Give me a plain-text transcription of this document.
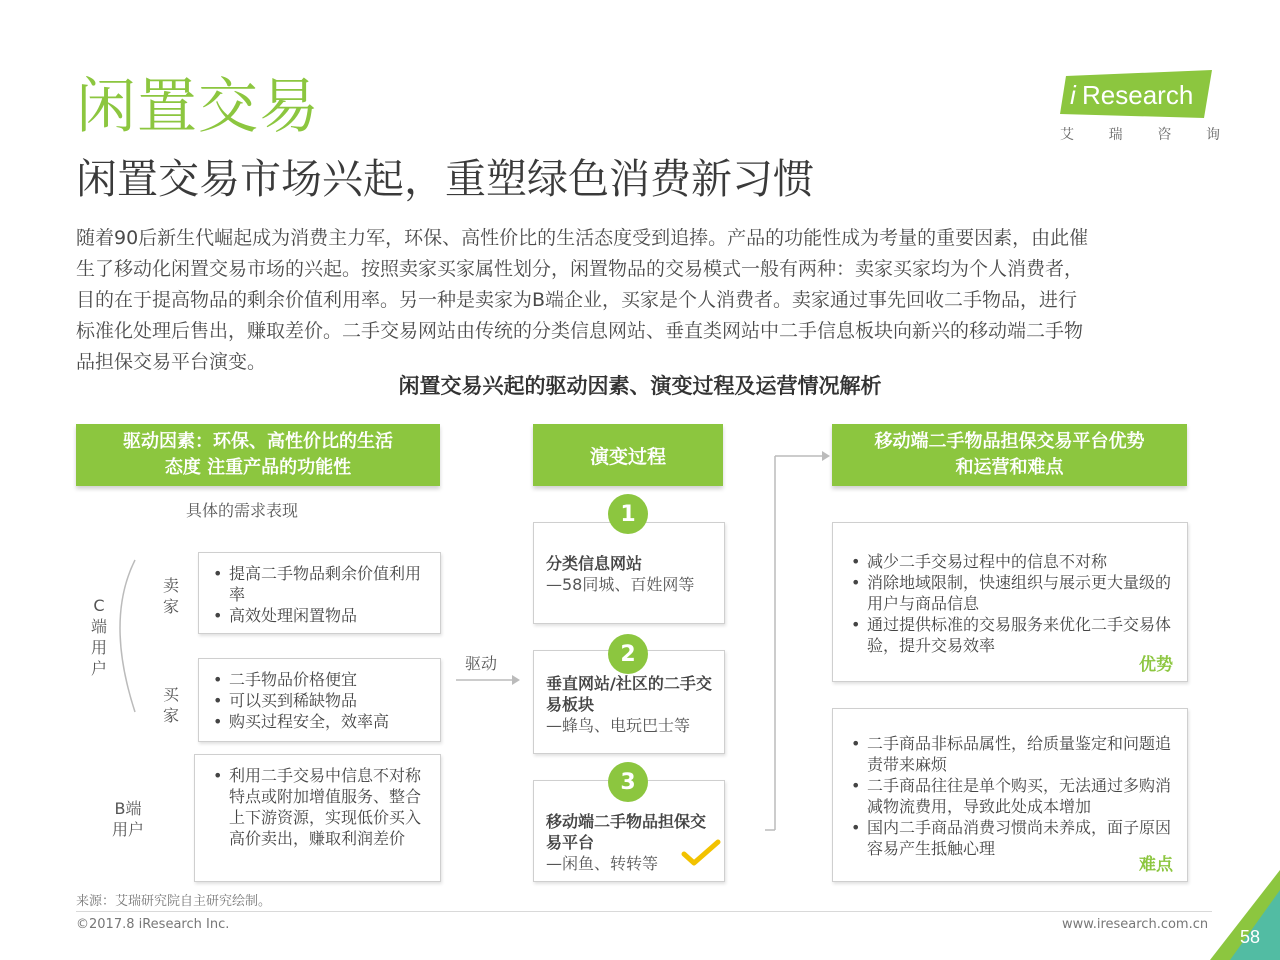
闲置交易
闲置交易市场兴起，重塑绿色消费新习惯
i Research
艾 瑞 咨 询

随着90后新生代崛起成为消费主力军，环保、高性价比的生活态度受到追捧。产品的功能性成为考量的重要因素，由此催

生了移动化闲置交易市场的兴起。按照卖家买家属性划分，闲置物品的交易模式一般有两种：卖家买家均为个人消费者，

目的在于提高物品的剩余价值利用率。另一种是卖家为B端企业，买家是个人消费者。卖家通过事先回收二手物品，进行

标准化处理后售出，赚取差价。二手交易网站由传统的分类信息网站、垂直类网站中二手信息板块向新兴的移动端二手物

品担保交易平台演变。

闲置交易兴起的驱动因素、演变过程及运营情况解析
驱动因素：环保、高性价比的生活
态度 注重产品的功能性
具体的需求表现
C端用户
卖家
• 提高二手物品剩余价值利用率
• 高效处理闲置物品
买家
• 二手物品价格便宜
• 可以买到稀缺物品
• 购买过程安全，效率高
B端
用户
• 利用二手交易中信息不对称特点或附加增值服务、整合上下游资源，实现低价买入高价卖出，赚取利润差价
驱动
演变过程
分类信息网站
—58同城、百姓网等
1
垂直网站/社区的二手交易板块
—蜂鸟、电玩巴士等
2
移动端二手物品担保交易平台
—闲鱼、转转等
3
移动端二手物品担保交易平台优势
和运营和难点
• 减少二手交易过程中的信息不对称
• 消除地域限制，快速组织与展示更大量级的用户与商品信息
• 通过提供标准的交易服务来优化二手交易体验，提升交易效率
优势
• 二手商品非标品属性，给质量鉴定和问题追责带来麻烦
• 二手商品往往是单个购买，无法通过多购消减物流费用，导致此处成本增加
• 国内二手商品消费习惯尚未养成，面子原因容易产生抵触心理
难点
来源：艾瑞研究院自主研究绘制。
©2017.8 iResearch Inc.	www.iresearch.com.cn
58
